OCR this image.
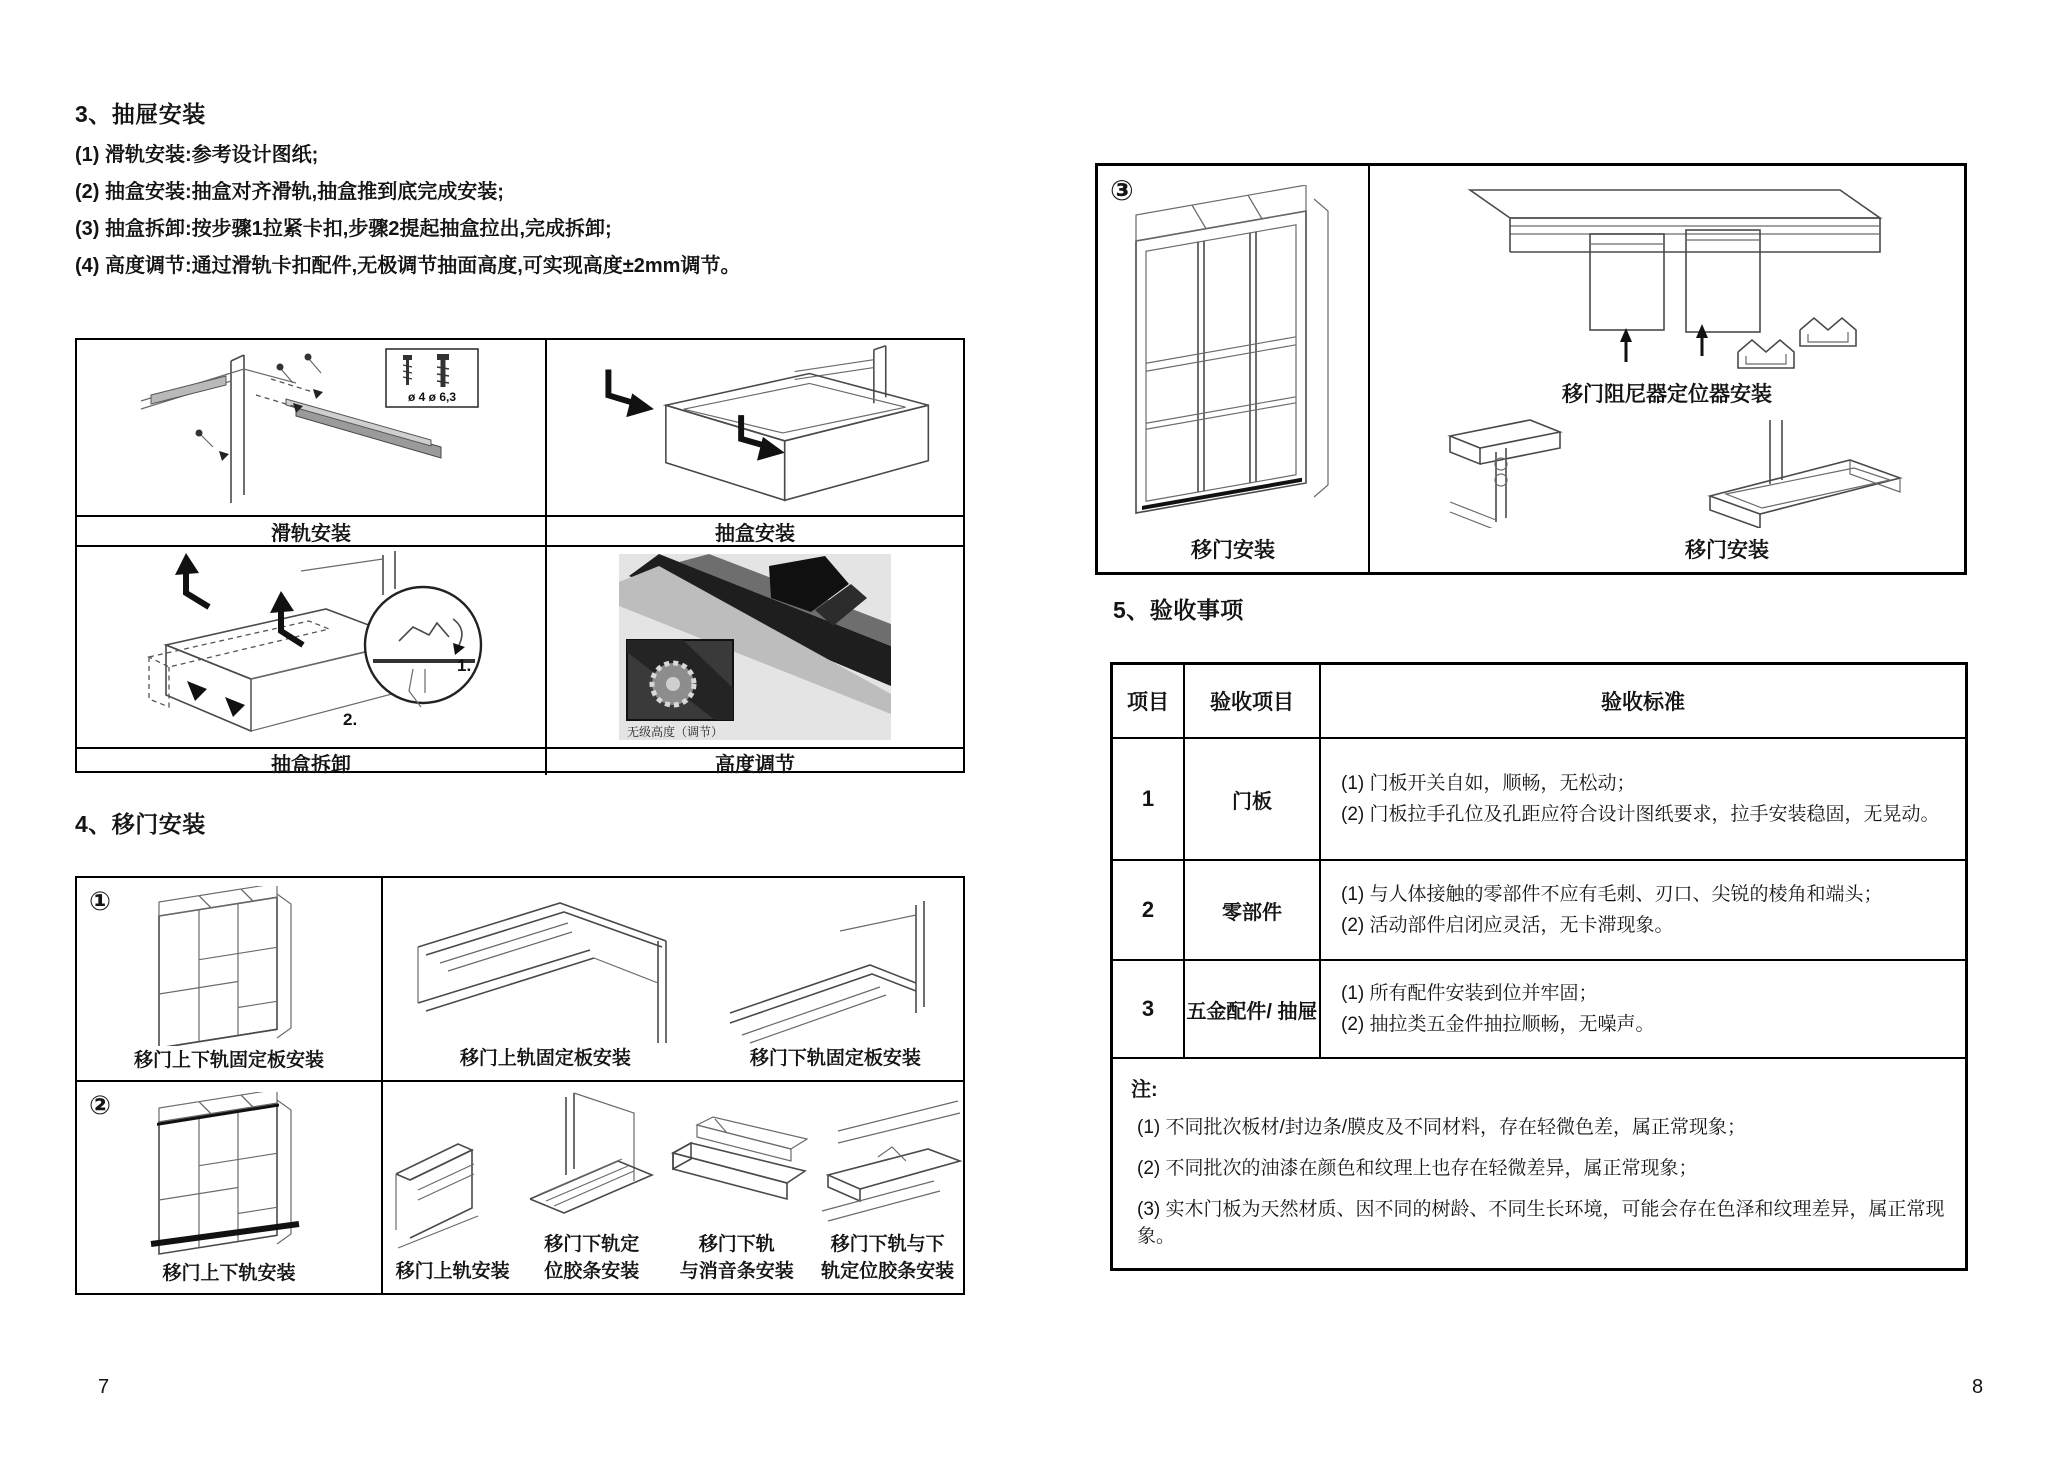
3、抽屉安装
(1) 滑轨安装:参考设计图纸;
(2) 抽盒安装:抽盒对齐滑轨,抽盒推到底完成安装;
(3) 抽盒拆卸:按步骤1拉紧卡扣,步骤2提起抽盒拉出,完成拆卸;
(4) 高度调节:通过滑轨卡扣配件,无极调节抽面高度,可实现高度±2mm调节。
ø 4 ø 6,3
滑轨安装	抽盒安装
1.
2.
无级高度（调节）
抽盒拆卸	高度调节
4、移门安装
①
移门上下轨固定板安装	移门上轨固定板安装	移门下轨固定板安装
②
移门上下轨安装	移门上轨安装
移门下轨定
位胶条安装
移门下轨
与消音条安装
移门下轨与下
轨定位胶条安装
7
③
移门安装
移门阻尼器定位器安装
移门安装
5、验收事项
项目	验收项目	验收标准
1	门板
(1) 门板开关自如，顺畅，无松动；
(2) 门板拉手孔位及孔距应符合设计图纸要求，拉手安装稳固，无晃动。
2	零部件
(1) 与人体接触的零部件不应有毛刺、刃口、尖锐的棱角和端头；
(2) 活动部件启闭应灵活，无卡滞现象。
3	五金配件/ 抽屉
(1) 所有配件安装到位并牢固；
(2) 抽拉类五金件抽拉顺畅，无噪声。
注:
(1) 不同批次板材/封边条/膜皮及不同材料，存在轻微色差，属正常现象；
(2) 不同批次的油漆在颜色和纹理上也存在轻微差异，属正常现象；
(3) 实木门板为天然材质、因不同的树龄、不同生长环境，可能会存在色泽和纹理差异，属正常现象。
8
